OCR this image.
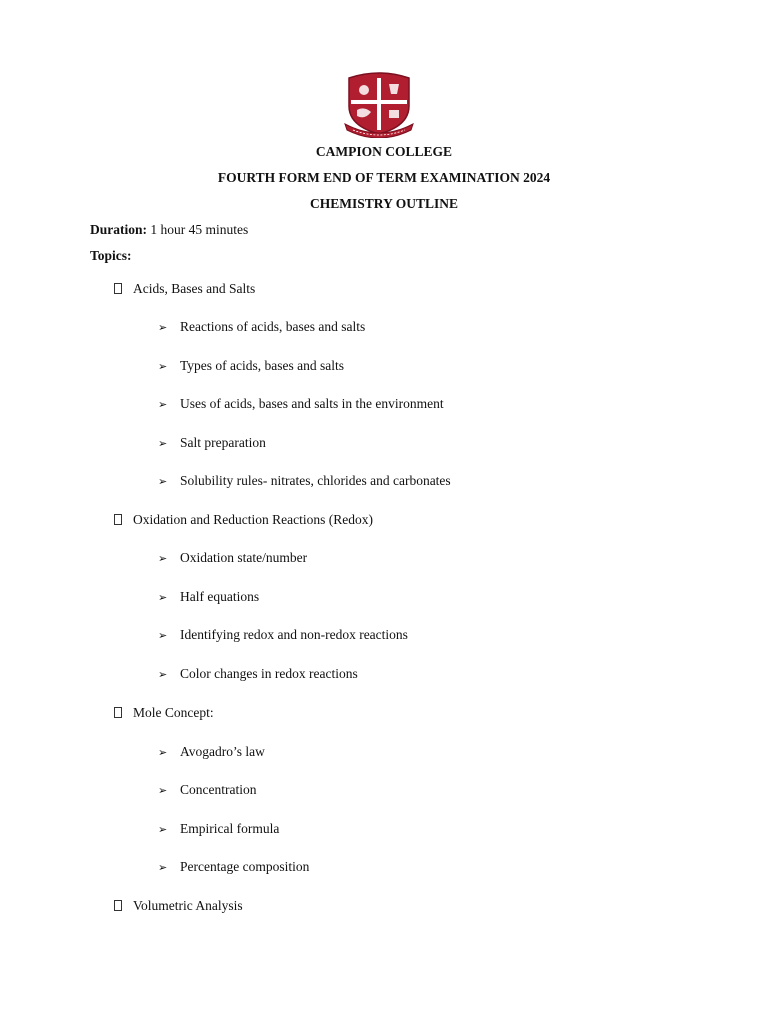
CAMPION COLLEGE
FOURTH FORM END OF TERM EXAMINATION 2024
CHEMISTRY OUTLINE
Duration: 1 hour 45 minutes
Topics:
Acids, Bases and Salts
➢ Reactions of acids, bases and salts
➢ Types of acids, bases and salts
➢ Uses of acids, bases and salts in the environment
➢ Salt preparation
➢ Solubility rules- nitrates, chlorides and carbonates
Oxidation and Reduction Reactions (Redox)
➢ Oxidation state/number
➢ Half equations
➢ Identifying redox and non-redox reactions
➢ Color changes in redox reactions
Mole Concept:
➢ Avogadro’s law
➢ Concentration
➢ Empirical formula
➢ Percentage composition
Volumetric Analysis
